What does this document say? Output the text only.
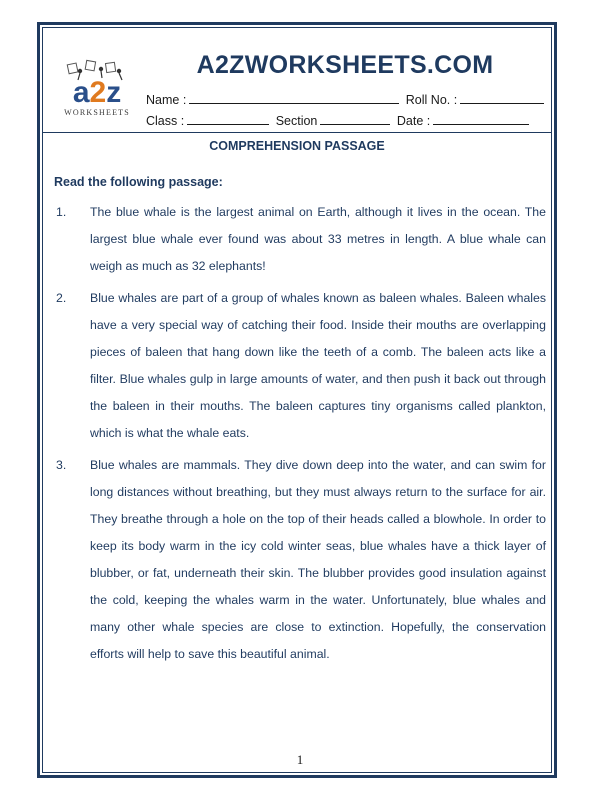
a2z
WORKSHEETS
A2ZWORKSHEETS.COM
Name :	Roll No. :
Class :	Section	Date :
COMPREHENSION PASSAGE
Read the following passage:
1. The blue whale is the largest animal on Earth, although it lives in the ocean. The largest blue whale ever found was about 33 metres in length. A blue whale can weigh as much as 32 elephants!
2. Blue whales are part of a group of whales known as baleen whales. Baleen whales have a very special way of catching their food. Inside their mouths are overlapping pieces of baleen that hang down like the teeth of a comb. The baleen acts like a filter. Blue whales gulp in large amounts of water, and then push it back out through the baleen in their mouths. The baleen captures tiny organisms called plankton, which is what the whale eats.
3. Blue whales are mammals. They dive down deep into the water, and can swim for long distances without breathing, but they must always return to the surface for air. They breathe through a hole on the top of their heads called a blowhole. In order to keep its body warm in the icy cold winter seas, blue whales have a thick layer of blubber, or fat, underneath their skin. The blubber provides good insulation against the cold, keeping the whales warm in the water. Unfortunately, blue whales and many other whale species are close to extinction. Hopefully, the conservation efforts will help to save this beautiful animal.
1
